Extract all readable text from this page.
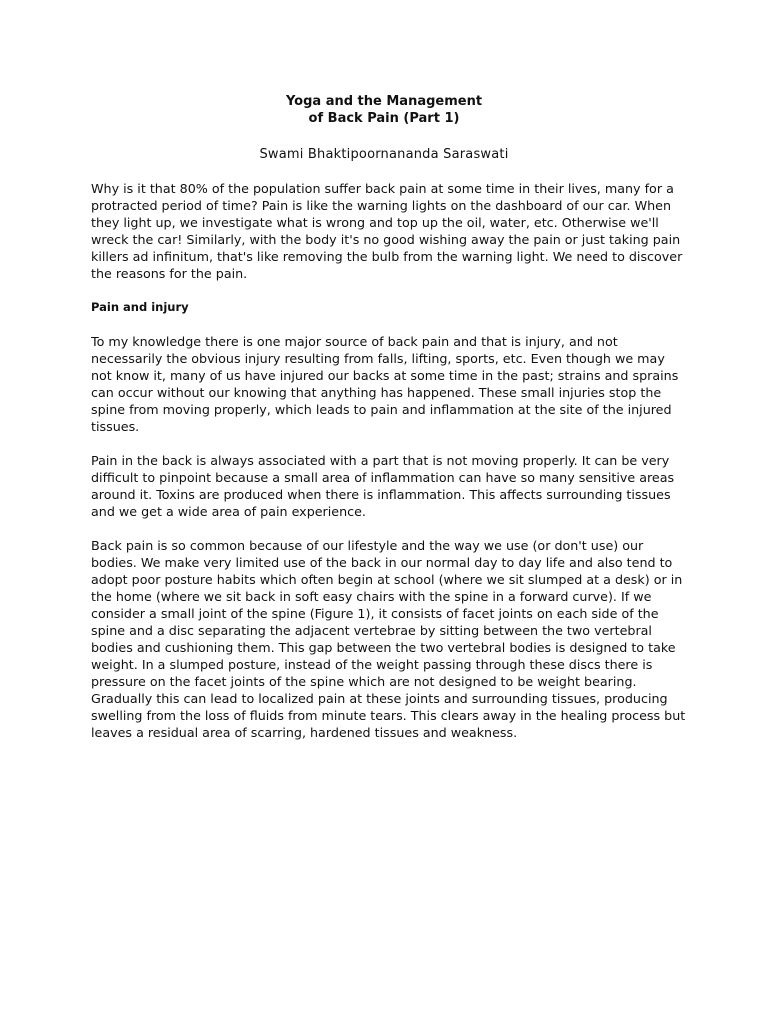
Yoga and the Management
of Back Pain (Part 1)
Swami Bhaktipoornananda Saraswati

Why is it that 80% of the population suffer back pain at some time in their lives, many for a protracted period of time? Pain is like the warning lights on the dashboard of our car. When they light up, we investigate what is wrong and top up the oil, water, etc. Otherwise we'll wreck the car! Similarly, with the body it's no good wishing away the pain or just taking pain killers ad infinitum, that's like removing the bulb from the warning light. We need to discover the reasons for the pain.

Pain and injury

To my knowledge there is one major source of back pain and that is injury, and not necessarily the obvious injury resulting from falls, lifting, sports, etc. Even though we may not know it, many of us have injured our backs at some time in the past; strains and sprains can occur without our knowing that anything has happened. These small injuries stop the spine from moving properly, which leads to pain and inflammation at the site of the injured tissues.

Pain in the back is always associated with a part that is not moving properly. It can be very difficult to pinpoint because a small area of inflammation can have so many sensitive areas around it. Toxins are produced when there is inflammation. This affects surrounding tissues and we get a wide area of pain experience.

Back pain is so common because of our lifestyle and the way we use (or don't use) our bodies. We make very limited use of the back in our normal day to day life and also tend to adopt poor posture habits which often begin at school (where we sit slumped at a desk) or in the home (where we sit back in soft easy chairs with the spine in a forward curve). If we consider a small joint of the spine (Figure 1), it consists of facet joints on each side of the spine and a disc separating the adjacent vertebrae by sitting between the two vertebral bodies and cushioning them. This gap between the two vertebral bodies is designed to take weight. In a slumped posture, instead of the weight passing through these discs there is pressure on the facet joints of the spine which are not designed to be weight bearing. Gradually this can lead to localized pain at these joints and surrounding tissues, producing swelling from the loss of fluids from minute tears. This clears away in the healing process but leaves a residual area of scarring, hardened tissues and weakness.
